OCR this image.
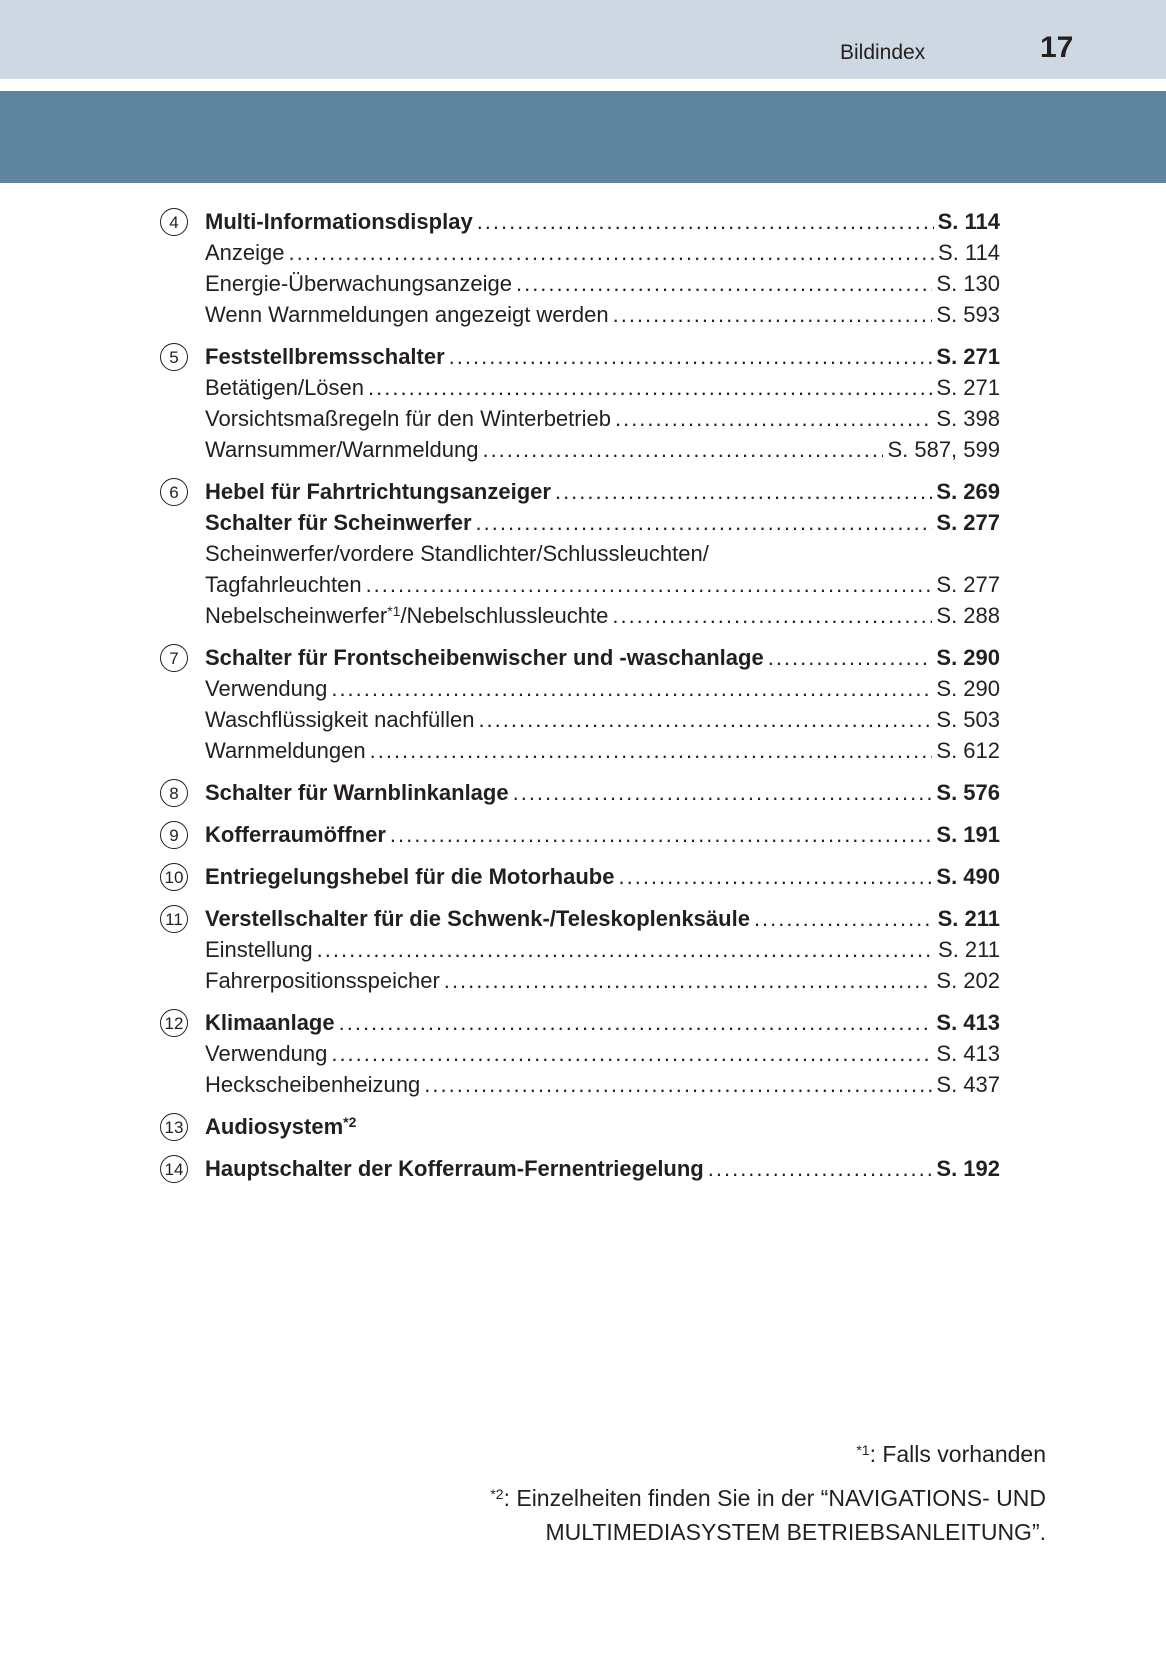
Bildindex	17
4	Multi-Informationsdisplay .....	S. 114
Anzeige .....	S. 114
Energie-Überwachungsanzeige .....	S. 130
Wenn Warnmeldungen angezeigt werden .....	S. 593
5	Feststellbremsschalter .....	S. 271
Betätigen/Lösen .....	S. 271
Vorsichtsmaßregeln für den Winterbetrieb .....	S. 398
Warnsummer/Warnmeldung .....	S. 587, 599
6	Hebel für Fahrtrichtungsanzeiger .....	S. 269
Schalter für Scheinwerfer .....	S. 277
Scheinwerfer/vordere Standlichter/Schlussleuchten/
Tagfahrleuchten .....	S. 277
Nebelscheinwerfer$^{*1}$/Nebelschlussleuchte .....	S. 288
7	Schalter für Frontscheibenwischer und -waschanlage .....	S. 290
Verwendung .....	S. 290
Waschflüssigkeit nachfüllen .....	S. 503
Warnmeldungen .....	S. 612
8	Schalter für Warnblinkanlage .....	S. 576
9	Kofferraumöffner .....	S. 191
10 Entriegelungshebel für die Motorhaube .....	S. 490
11 Verstellschalter für die Schwenk-/Teleskoplenksäule .....	S. 211
Einstellung .....	S. 211
Fahrerpositionsspeicher .....	S. 202
12 Klimaanlage .....	S. 413
Verwendung .....	S. 413
Heckscheibenheizung .....	S. 437
13 Audiosystem$^{*2}$
14 Hauptschalter der Kofferraum-Fernentriegelung .....	S. 192
$^{*1}$: Falls vorhanden
$^{*2}$: Einzelheiten finden Sie in der “NAVIGATIONS- UND
MULTIMEDIASYSTEM BETRIEBSANLEITUNG”.
